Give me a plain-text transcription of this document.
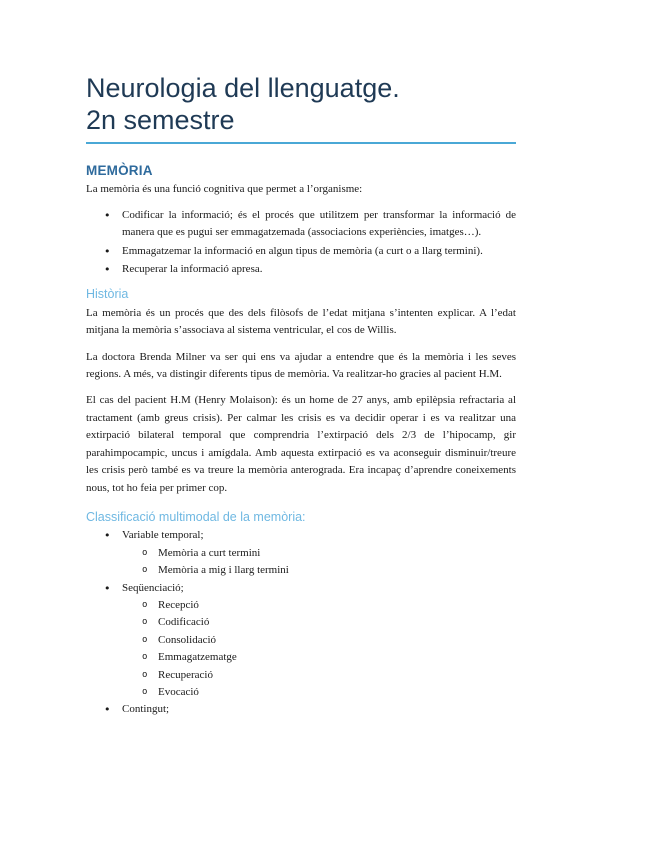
Neurologia del llenguatge.
2n semestre
MEMÒRIA

La memòria és una funció cognitiva que permet a l’organisme:

• Codificar la informació; és el procés que utilitzem per transformar la informació de manera que es pugui ser emmagatzemada (associacions experiències, imatges…).
• Emmagatzemar la informació en algun tipus de memòria (a curt o a llarg termini).
• Recuperar la informació apresa.
Història

La memòria és un procés que des dels filòsofs de l’edat mitjana s’intenten explicar. A l’edat mitjana la memòria s’associava al sistema ventricular, el cos de Willis.

La doctora Brenda Milner va ser qui ens va ajudar a entendre que és la memòria i les seves regions. A més, va distingir diferents tipus de memòria. Va realitzar-ho gracies al pacient H.M.

El cas del pacient H.M (Henry Molaison): és un home de 27 anys, amb epilèpsia refractaria al tractament (amb greus crisis). Per calmar les crisis es va decidir operar i es va realitzar una extirpació bilateral temporal que comprendria l’extirpació dels 2/3 de l’hipocamp, gir parahimpocampic, uncus i amígdala. Amb aquesta extirpació es va aconseguir disminuir/treure les crisis però també es va treure la memòria anterograda. Era incapaç d’aprendre coneixements nous, tot ho feia per primer cop.

Classificació multimodal de la memòria:
• Variable temporal;
o Memòria a curt termini
o Memòria a mig i llarg termini
• Seqüenciació;
o Recepció
o Codificació
o Consolidació
o Emmagatzematge
o Recuperació
o Evocació
• Contingut;
